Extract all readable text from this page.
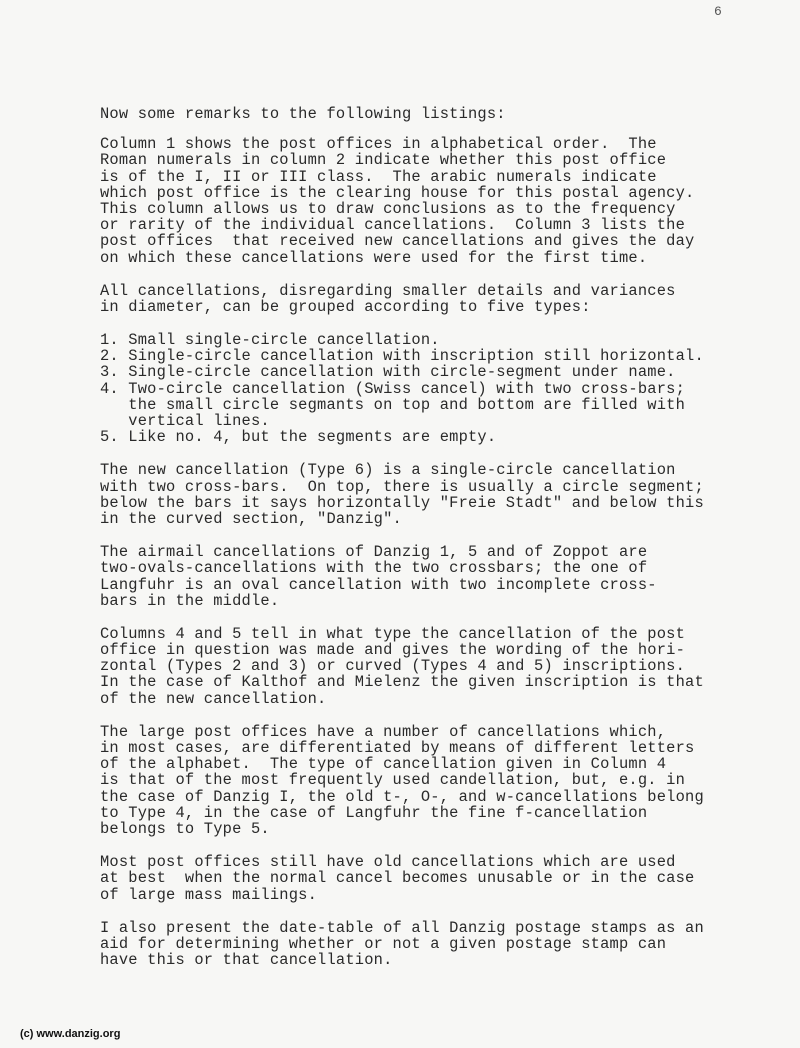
6
Now some remarks to the following listings:
Column 1 shows the post offices in alphabetical order.  The
Roman numerals in column 2 indicate whether this post office
is of the I, II or III class.  The arabic numerals indicate
which post office is the clearing house for this postal agency.
This column allows us to draw conclusions as to the frequency
or rarity of the individual cancellations.  Column 3 lists the
post offices  that received new cancellations and gives the day
on which these cancellations were used for the first time.
All cancellations, disregarding smaller details and variances
in diameter, can be grouped according to five types:
1. Small single-circle cancellation.
2. Single-circle cancellation with inscription still horizontal.
3. Single-circle cancellation with circle-segment under name.
4. Two-circle cancellation (Swiss cancel) with two cross-bars;
the small circle segmants on top and bottom are filled with
vertical lines.
5. Like no. 4, but the segments are empty.
The new cancellation (Type 6) is a single-circle cancellation
with two cross-bars.  On top, there is usually a circle segment;
below the bars it says horizontally "Freie Stadt" and below this
in the curved section, "Danzig".
The airmail cancellations of Danzig 1, 5 and of Zoppot are
two-ovals-cancellations with the two crossbars; the one of
Langfuhr is an oval cancellation with two incomplete cross-
bars in the middle.
Columns 4 and 5 tell in what type the cancellation of the post
office in question was made and gives the wording of the hori-
zontal (Types 2 and 3) or curved (Types 4 and 5) inscriptions.
In the case of Kalthof and Mielenz the given inscription is that
of the new cancellation.
The large post offices have a number of cancellations which,
in most cases, are differentiated by means of different letters
of the alphabet.  The type of cancellation given in Column 4
is that of the most frequently used candellation, but, e.g. in
the case of Danzig I, the old t-, O-, and w-cancellations belong
to Type 4, in the case of Langfuhr the fine f-cancellation
belongs to Type 5.
Most post offices still have old cancellations which are used
at best  when the normal cancel becomes unusable or in the case
of large mass mailings.
I also present the date-table of all Danzig postage stamps as an
aid for determining whether or not a given postage stamp can
have this or that cancellation.
(c) www.danzig.org
